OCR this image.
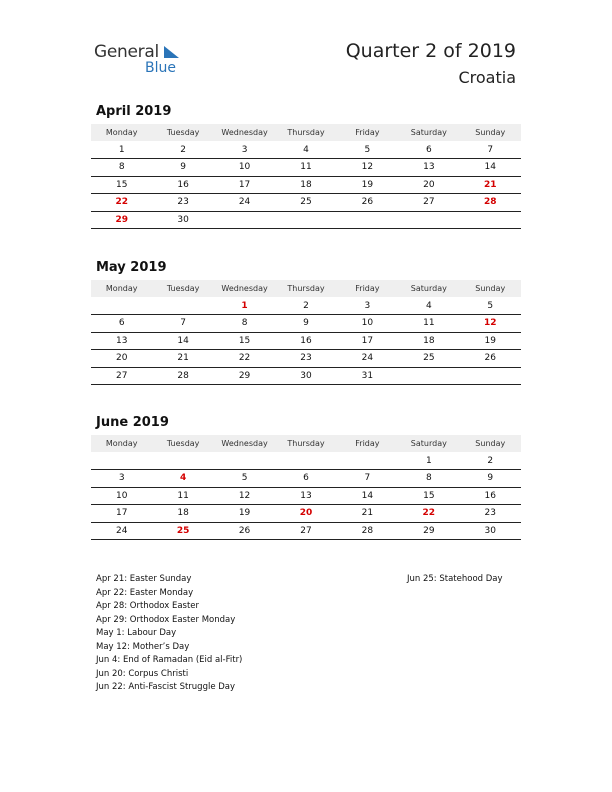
General
Blue
Quarter 2 of 2019
Croatia
April 2019
Monday	Tuesday	Wednesday	Thursday	Friday	Saturday	Sunday
1	2	3	4	5	6	7
8	9	10	11	12	13	14
15	16	17	18	19	20	21
22	23	24	25	26	27	28
29	30					
May 2019
Monday	Tuesday	Wednesday	Thursday	Friday	Saturday	Sunday
		1	2	3	4	5
6	7	8	9	10	11	12
13	14	15	16	17	18	19
20	21	22	23	24	25	26
27	28	29	30	31		
June 2019
Monday	Tuesday	Wednesday	Thursday	Friday	Saturday	Sunday
					1	2
3	4	5	6	7	8	9
10	11	12	13	14	15	16
17	18	19	20	21	22	23
24	25	26	27	28	29	30
Apr 21: Easter Sunday
Apr 22: Easter Monday
Apr 28: Orthodox Easter
Apr 29: Orthodox Easter Monday
May 1: Labour Day
May 12: Mother’s Day
Jun 4: End of Ramadan (Eid al-Fitr)
Jun 20: Corpus Christi
Jun 22: Anti-Fascist Struggle Day
Jun 25: Statehood Day
